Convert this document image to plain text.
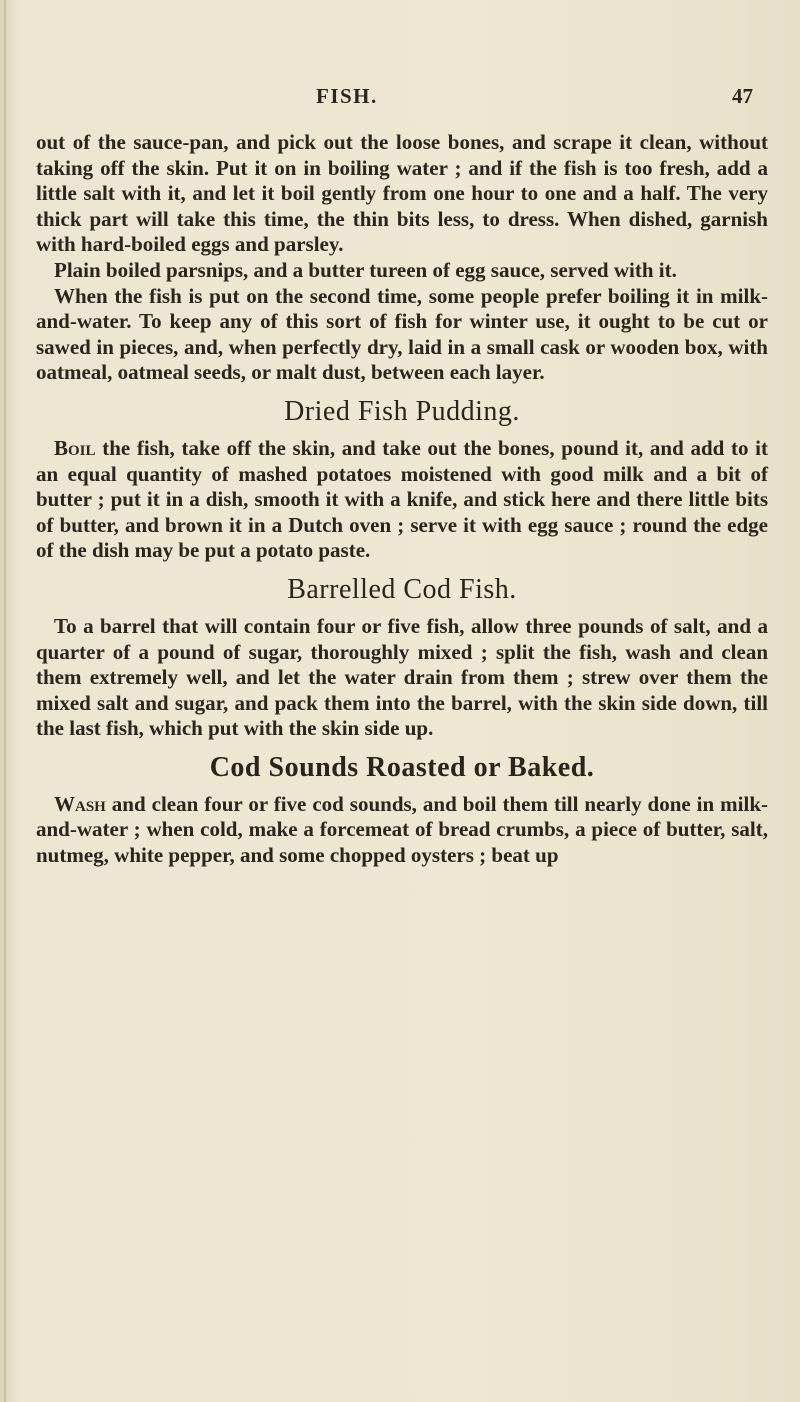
FISH.	47

out of the sauce-pan, and pick out the loose bones, and scrape it clean, without taking off the skin. Put it on in boiling water ; and if the fish is too fresh, add a little salt with it, and let it boil gently from one hour to one and a half. The very thick part will take this time, the thin bits less, to dress. When dished, garnish with hard-boiled eggs and parsley.

Plain boiled parsnips, and a butter tureen of egg sauce, served with it.

When the fish is put on the second time, some people prefer boiling it in milk-and-water. To keep any of this sort of fish for winter use, it ought to be cut or sawed in pieces, and, when perfectly dry, laid in a small cask or wooden box, with oatmeal, oatmeal seeds, or malt dust, between each layer.

Dried Fish Pudding.

Boil the fish, take off the skin, and take out the bones, pound it, and add to it an equal quantity of mashed potatoes moistened with good milk and a bit of butter ; put it in a dish, smooth it with a knife, and stick here and there little bits of butter, and brown it in a Dutch oven ; serve it with egg sauce ; round the edge of the dish may be put a potato paste.

Barrelled Cod Fish.

To a barrel that will contain four or five fish, allow three pounds of salt, and a quarter of a pound of sugar, thoroughly mixed ; split the fish, wash and clean them extremely well, and let the water drain from them ; strew over them the mixed salt and sugar, and pack them into the barrel, with the skin side down, till the last fish, which put with the skin side up.

Cod Sounds Roasted or Baked.

Wash and clean four or five cod sounds, and boil them till nearly done in milk-and-water ; when cold, make a forcemeat of bread crumbs, a piece of butter, salt, nutmeg, white pepper, and some chopped oysters ; beat up
